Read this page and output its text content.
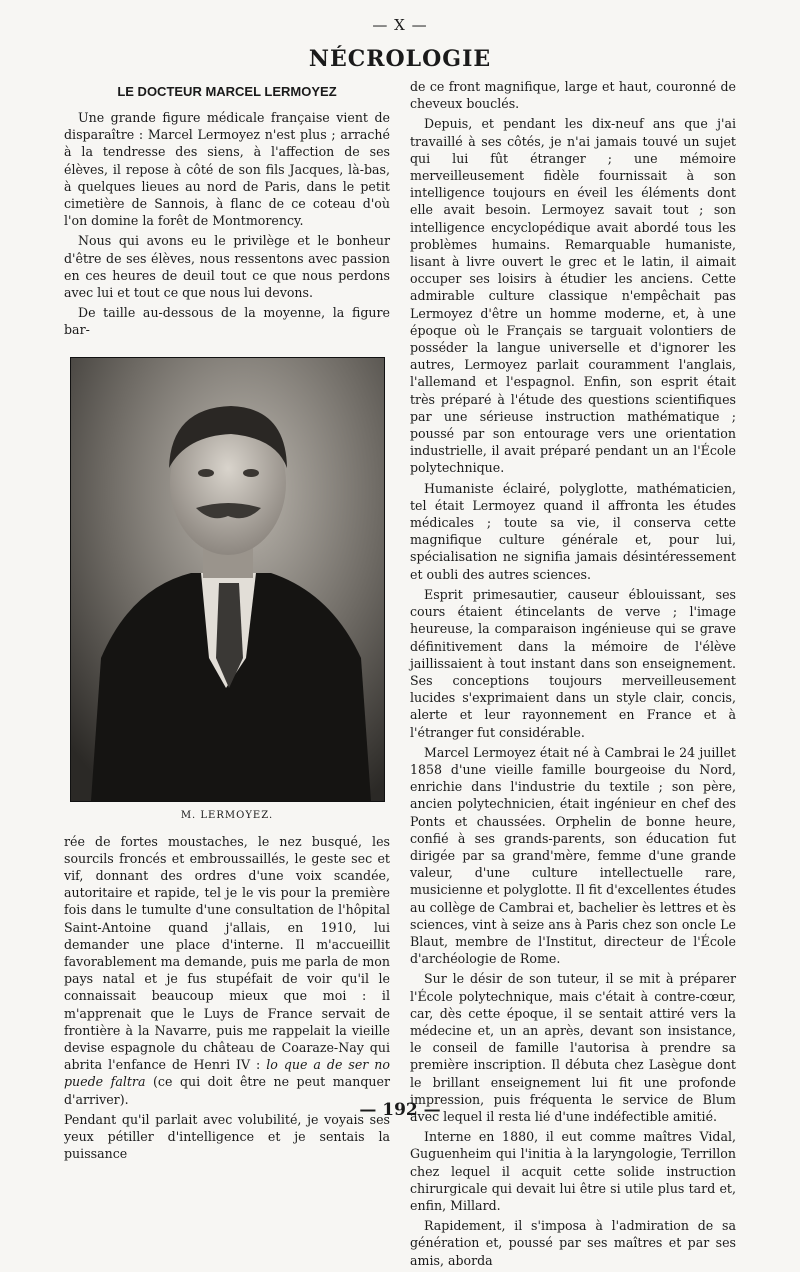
— X —
NÉCROLOGIE
LE DOCTEUR MARCEL LERMOYEZ

Une grande figure médicale française vient de disparaître : Marcel Lermoyez n'est plus ; arraché à la tendresse des siens, à l'affection de ses élèves, il repose à côté de son fils Jacques, là-bas, à quelques lieues au nord de Paris, dans le petit cimetière de Sannois, à flanc de ce coteau d'où l'on domine la forêt de Montmorency.

Nous qui avons eu le privilège et le bonheur d'être de ses élèves, nous ressentons avec passion en ces heures de deuil tout ce que nous perdons avec lui et tout ce que nous lui devons.

De taille au-dessous de la moyenne, la figure bar-

M. LERMOYEZ.

rée de fortes moustaches, le nez busqué, les sourcils froncés et embroussaillés, le geste sec et vif, donnant des ordres d'une voix scandée, autoritaire et rapide, tel je le vis pour la première fois dans le tumulte d'une consultation de l'hôpital Saint-Antoine quand j'allais, en 1910, lui demander une place d'interne. Il m'accueillit favorablement ma demande, puis me parla de mon pays natal et je fus stupéfait de voir qu'il le connaissait beaucoup mieux que moi : il m'apprenait que le Luys de France servait de frontière à la Navarre, puis me rappelait la vieille devise espagnole du château de Coaraze-Nay qui abrita l'enfance de Henri IV : lo que a de ser no puede faltra (ce qui doit être ne peut manquer d'arriver).

Pendant qu'il parlait avec volubilité, je voyais ses yeux pétiller d'intelligence et je sentais la puissance

de ce front magnifique, large et haut, couronné de cheveux bouclés.

Depuis, et pendant les dix-neuf ans que j'ai travaillé à ses côtés, je n'ai jamais touvé un sujet qui lui fût étranger ; une mémoire merveilleusement fidèle fournissait à son intelligence toujours en éveil les éléments dont elle avait besoin. Lermoyez savait tout ; son intelligence encyclopédique avait abordé tous les problèmes humains. Remarquable humaniste, lisant à livre ouvert le grec et le latin, il aimait occuper ses loisirs à étudier les anciens. Cette admirable culture classique n'empêchait pas Lermoyez d'être un homme moderne, et, à une époque où le Français se targuait volontiers de posséder la langue universelle et d'ignorer les autres, Lermoyez parlait couramment l'anglais, l'allemand et l'espagnol. Enfin, son esprit était très préparé à l'étude des questions scientifiques par une sérieuse instruction mathématique ; poussé par son entourage vers une orientation industrielle, il avait préparé pendant un an l'École polytechnique.

Humaniste éclairé, polyglotte, mathématicien, tel était Lermoyez quand il affronta les études médicales ; toute sa vie, il conserva cette magnifique culture générale et, pour lui, spécialisation ne signifia jamais désintéressement et oubli des autres sciences.

Esprit primesautier, causeur éblouissant, ses cours étaient étincelants de verve ; l'image heureuse, la comparaison ingénieuse qui se grave définitivement dans la mémoire de l'élève jaillissaient à tout instant dans son enseignement. Ses conceptions toujours merveilleusement lucides s'exprimaient dans un style clair, concis, alerte et leur rayonnement en France et à l'étranger fut considérable.

Marcel Lermoyez était né à Cambrai le 24 juillet 1858 d'une vieille famille bourgeoise du Nord, enrichie dans l'industrie du textile ; son père, ancien polytechnicien, était ingénieur en chef des Ponts et chaussées. Orphelin de bonne heure, confié à ses grands-parents, son éducation fut dirigée par sa grand'mère, femme d'une grande valeur, d'une culture intellectuelle rare, musicienne et polyglotte. Il fit d'excellentes études au collège de Cambrai et, bachelier ès lettres et ès sciences, vint à seize ans à Paris chez son oncle Le Blaut, membre de l'Institut, directeur de l'École d'archéologie de Rome.

Sur le désir de son tuteur, il se mit à préparer l'École polytechnique, mais c'était à contre-cœur, car, dès cette époque, il se sentait attiré vers la médecine et, un an après, devant son insistance, le conseil de famille l'autorisa à prendre sa première inscription. Il débuta chez Lasègue dont le brillant enseignement lui fit une profonde impression, puis fréquenta le service de Blum avec lequel il resta lié d'une indéfectible amitié.

Interne en 1880, il eut comme maîtres Vidal, Guguenheim qui l'initia à la laryngologie, Terrillon chez lequel il acquit cette solide instruction chirurgicale qui devait lui être si utile plus tard et, enfin, Millard.

Rapidement, il s'imposa à l'admiration de sa génération et, poussé par ses maîtres et par ses amis, aborda

— 192 —
